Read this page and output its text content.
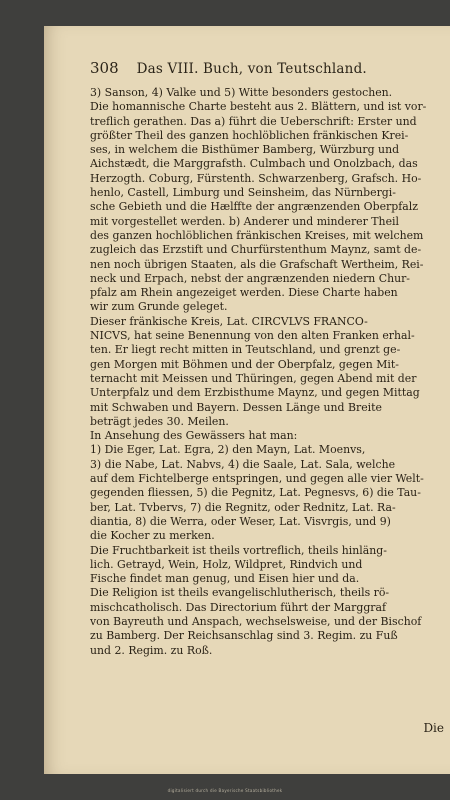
308 Das VIII. Buch, von Teutschland.
3) Sanson, 4) Valke und 5) Witte besonders gestochen.
Die homannische Charte besteht aus 2. Blättern, und ist vor-
treflich gerathen. Das a) führt die Ueberschrift: Erster und
größter Theil des ganzen hochlöblichen fränkischen Krei-
ses, in welchem die Bisthümer Bamberg, Würzburg und
Aichstædt, die Marggrafsth. Culmbach und Onolzbach, das
Herzogth. Coburg, Fürstenth. Schwarzenberg, Grafsch. Ho-
henlo, Castell, Limburg und Seinsheim, das Nürnbergi-
sche Gebieth und die Hælffte der angrænzenden Oberpfalz
mit vorgestellet werden. b) Anderer und minderer Theil
des ganzen hochlöblichen fränkischen Kreises, mit welchem
zugleich das Erzstift und Churfürstenthum Maynz, samt de-
nen noch übrigen Staaten, als die Grafschaft Wertheim, Rei-
neck und Erpach, nebst der angrænzenden niedern Chur-
pfalz am Rhein angezeiget werden. Diese Charte haben
wir zum Grunde geleget.
Dieser fränkische Kreis, Lat. CIRCVLVS FRANCO-
NICVS, hat seine Benennung von den alten Franken erhal-
ten. Er liegt recht mitten in Teutschland, und grenzt ge-
gen Morgen mit Böhmen und der Oberpfalz, gegen Mit-
ternacht mit Meissen und Thüringen, gegen Abend mit der
Unterpfalz und dem Erzbisthume Maynz, und gegen Mittag
mit Schwaben und Bayern. Dessen Länge und Breite
beträgt jedes 30. Meilen.
In Ansehung des Gewässers hat man:
1) Die Eger, Lat. Egra, 2) den Mayn, Lat. Moenvs,
3) die Nabe, Lat. Nabvs, 4) die Saale, Lat. Sala, welche
auf dem Fichtelberge entspringen, und gegen alle vier Welt-
gegenden fliessen, 5) die Pegnitz, Lat. Pegnesvs, 6) die Tau-
ber, Lat. Tvbervs, 7) die Regnitz, oder Rednitz, Lat. Ra-
diantia, 8) die Werra, oder Weser, Lat. Visvrgis, und 9)
die Kocher zu merken.
Die Fruchtbarkeit ist theils vortreflich, theils hinläng-
lich. Getrayd, Wein, Holz, Wildpret, Rindvich und
Fische findet man genug, und Eisen hier und da.
Die Religion ist theils evangelischlutherisch, theils rö-
mischcatholisch. Das Directorium führt der Marggraf
von Bayreuth und Anspach, wechselsweise, und der Bischof
zu Bamberg. Der Reichsanschlag sind 3. Regim. zu Fuß
und 2. Regim. zu Roß.
Die
digitalisiert durch die Bayerische Staatsbibliothek
